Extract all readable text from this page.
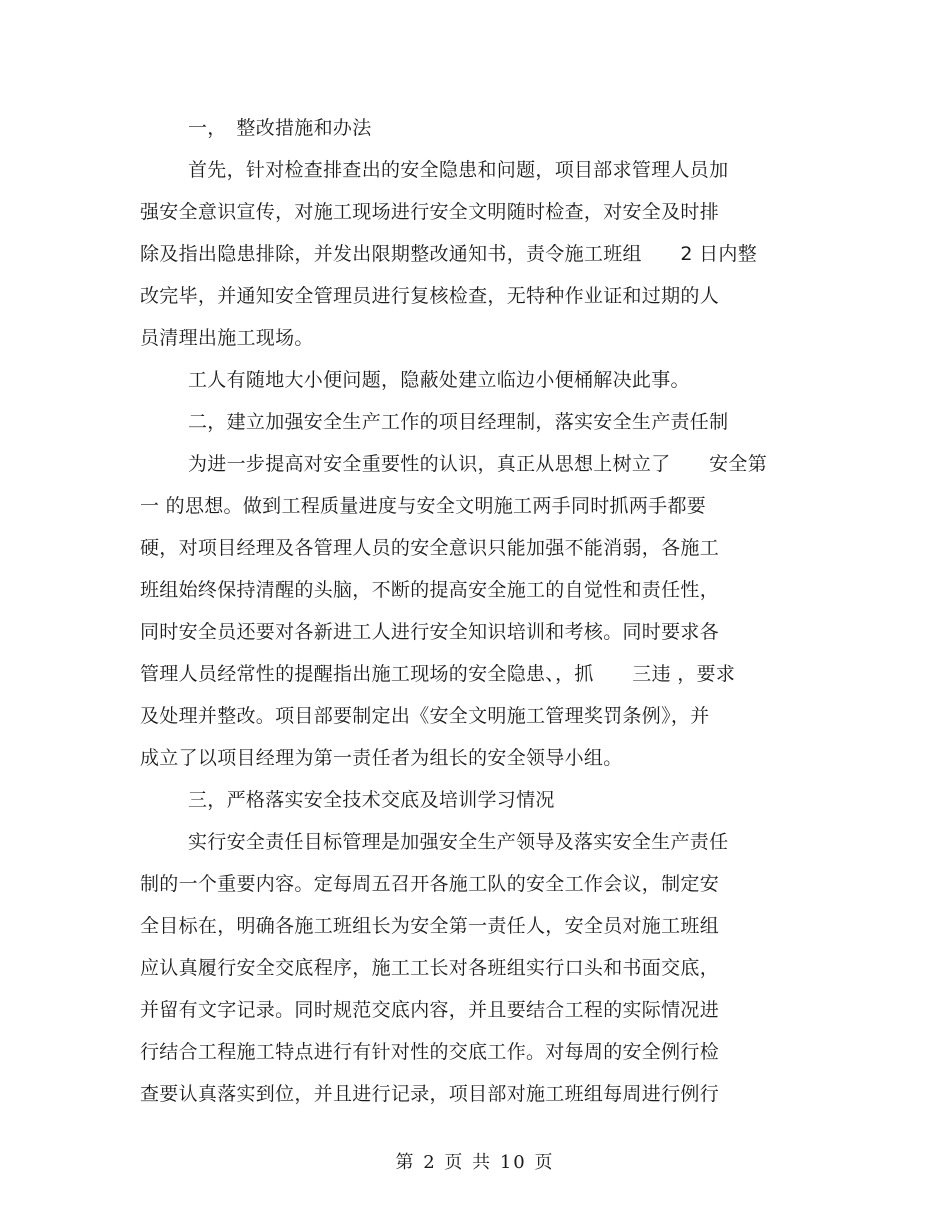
一，　整改措施和办法
首先，针对检查排查出的安全隐患和问题，项目部求管理人员加
强安全意识宣传，对施工现场进行安全文明随时检查，对安全及时排
除及指出隐患排除，并发出限期整改通知书，责令施工班组　　2 日内整
改完毕，并通知安全管理员进行复核检查，无特种作业证和过期的人
员清理出施工现场。
工人有随地大小便问题，隐蔽处建立临边小便桶解决此事。
二，建立加强安全生产工作的项目经理制，落实安全生产责任制
为进一步提高对安全重要性的认识，真正从思想上树立了　　安全第
一 的思想。做到工程质量进度与安全文明施工两手同时抓两手都要
硬，对项目经理及各管理人员的安全意识只能加强不能消弱，各施工
班组始终保持清醒的头脑，不断的提高安全施工的自觉性和责任性，
同时安全员还要对各新进工人进行安全知识培训和考核。同时要求各
管理人员经常性的提醒指出施工现场的安全隐患、，抓　　三违 ，要求
及处理并整改。项目部要制定出《安全文明施工管理奖罚条例》，并
成立了以项目经理为第一责任者为组长的安全领导小组。
三，严格落实安全技术交底及培训学习情况
实行安全责任目标管理是加强安全生产领导及落实安全生产责任
制的一个重要内容。定每周五召开各施工队的安全工作会议，制定安
全目标在，明确各施工班组长为安全第一责任人，安全员对施工班组
应认真履行安全交底程序，施工工长对各班组实行口头和书面交底，
并留有文字记录。同时规范交底内容，并且要结合工程的实际情况进
行结合工程施工特点进行有针对性的交底工作。对每周的安全例行检
查要认真落实到位，并且进行记录，项目部对施工班组每周进行例行
第 2 页 共 10 页
